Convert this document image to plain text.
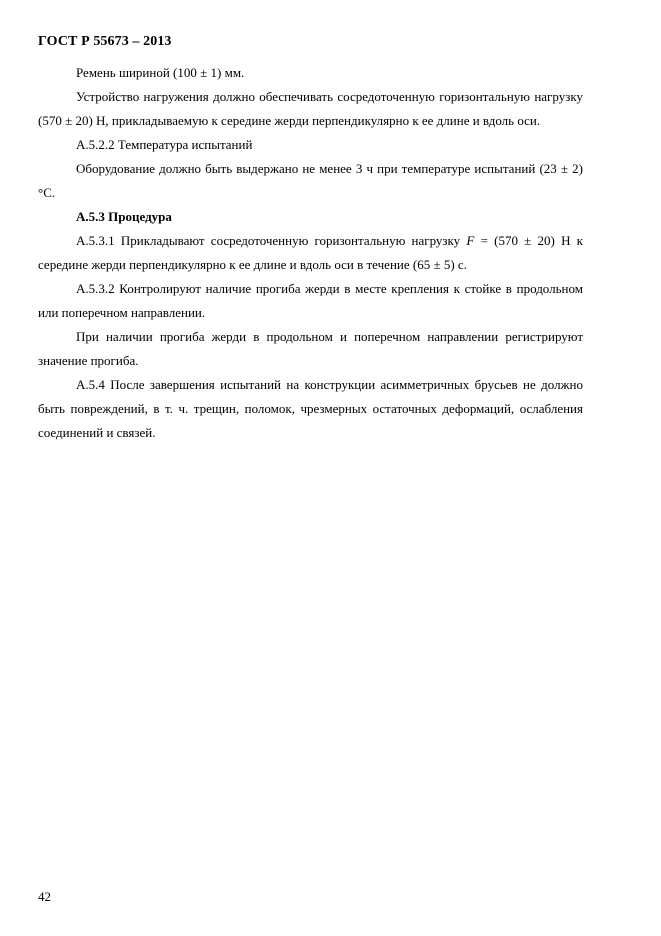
ГОСТ Р 55673 – 2013

Ремень шириной (100 ± 1) мм.

Устройство нагружения должно обеспечивать сосредоточенную горизонтальную нагрузку (570 ± 20) Н, прикладываемую к середине жерди перпендикулярно к ее длине и вдоль оси.

А.5.2.2 Температура испытаний

Оборудование должно быть выдержано не менее 3 ч при температуре испытаний (23 ± 2) °С.

А.5.3 Процедура

А.5.3.1 Прикладывают сосредоточенную горизонтальную нагрузку F = (570 ± 20) Н к середине жерди перпендикулярно к ее длине и вдоль оси в течение (65 ± 5) с.

А.5.3.2 Контролируют наличие прогиба жерди в месте крепления к стойке в продольном или поперечном направлении.

При наличии прогиба жерди в продольном и поперечном направлении регистрируют значение прогиба.

А.5.4 После завершения испытаний на конструкции асимметричных брусьев не должно быть повреждений, в т. ч. трещин, поломок, чрезмерных остаточных деформаций, ослабления соединений и связей.

42
